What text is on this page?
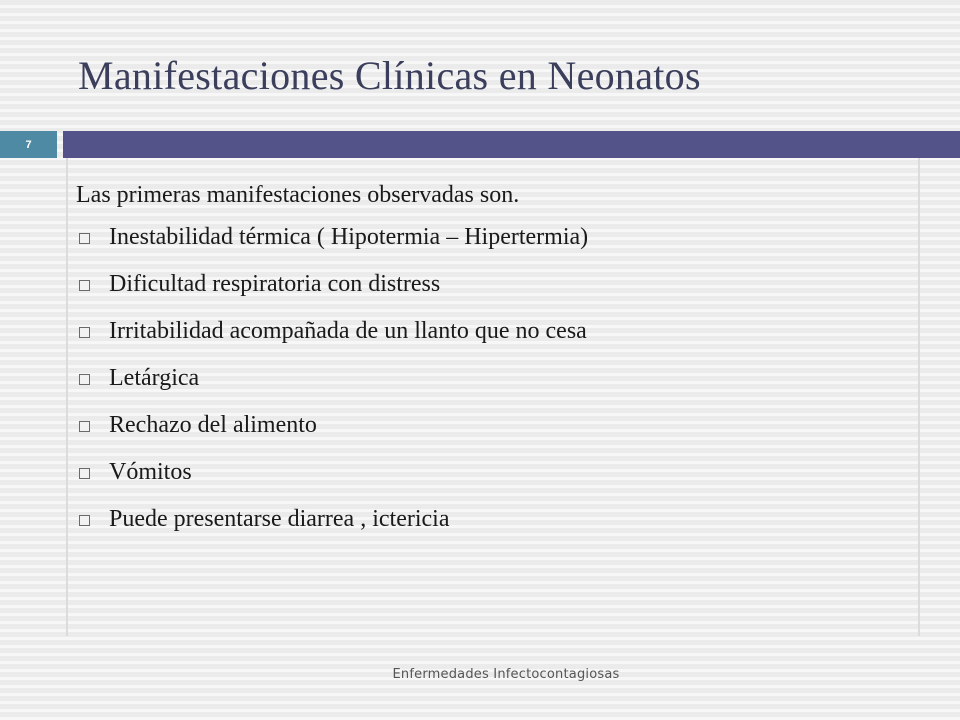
Manifestaciones Clínicas en Neonatos
7

Las primeras manifestaciones observadas son.

Inestabilidad térmica ( Hipotermia – Hipertermia)
Dificultad respiratoria con distress
Irritabilidad acompañada de un llanto que no cesa
Letárgica
Rechazo del alimento
Vómitos
Puede presentarse diarrea , ictericia
Enfermedades Infectocontagiosas
